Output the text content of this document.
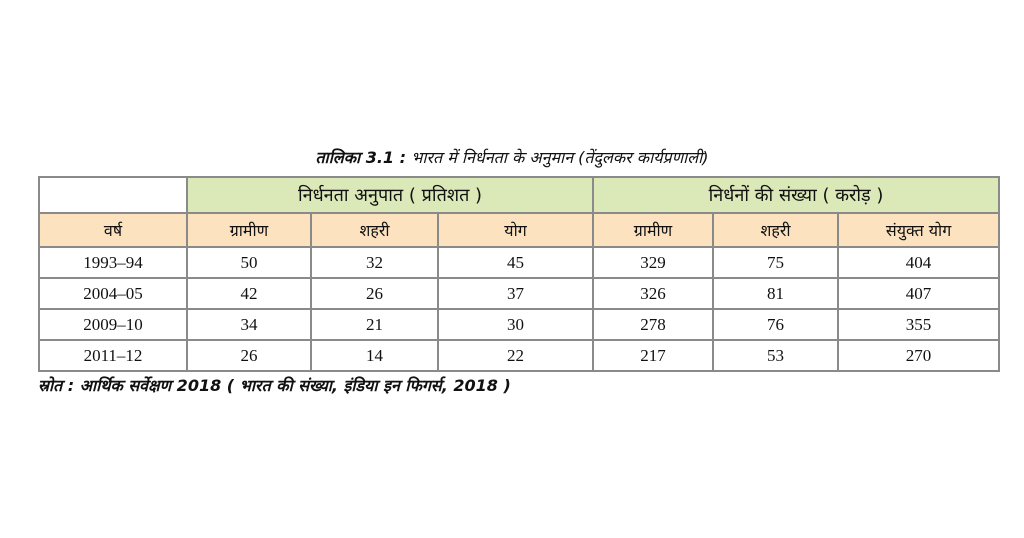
तालिका 3.1 : भारत में निर्धनता के अनुमान (तेंदुलकर कार्यप्रणाली)
	निर्धनता अनुपात ( प्रतिशत )			निर्धनों की संख्या ( करोड़ )		
वर्ष	ग्रामीण	शहरी	योग	ग्रामीण	शहरी	संयुक्त योग
1993–94	50	32	45	329	75	404
2004–05	42	26	37	326	81	407
2009–10	34	21	30	278	76	355
2011–12	26	14	22	217	53	270
स्रोत : आर्थिक सर्वेक्षण 2018 ( भारत की संख्या, इंडिया इन फिगर्स, 2018 )
